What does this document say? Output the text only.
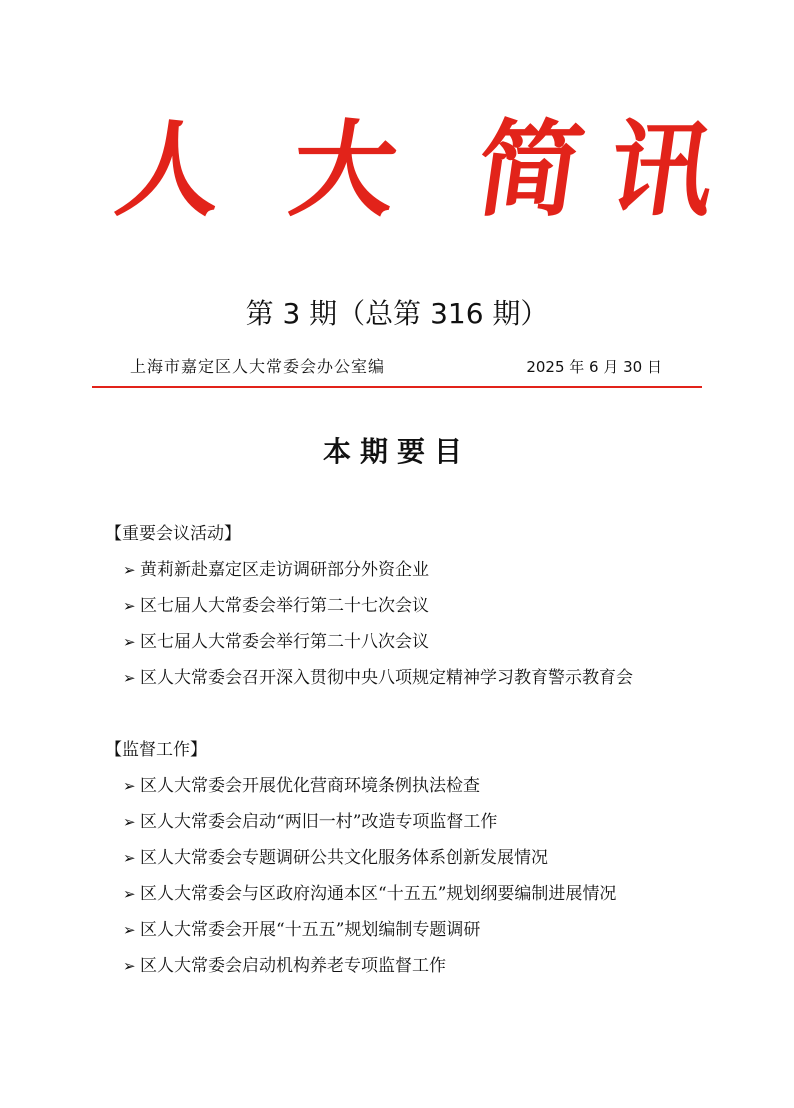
人 大 简 讯
第 3 期（总第 316 期）
上海市嘉定区人大常委会办公室编	2025 年 6 月 30 日
本期要目

【重要会议活动】

➢ 黄莉新赴嘉定区走访调研部分外资企业
➢ 区七届人大常委会举行第二十七次会议
➢ 区七届人大常委会举行第二十八次会议
➢ 区人大常委会召开深入贯彻中央八项规定精神学习教育警示教育会

【监督工作】

➢ 区人大常委会开展优化营商环境条例执法检查
➢ 区人大常委会启动“两旧一村”改造专项监督工作
➢ 区人大常委会专题调研公共文化服务体系创新发展情况
➢ 区人大常委会与区政府沟通本区“十五五”规划纲要编制进展情况
➢ 区人大常委会开展“十五五”规划编制专题调研
➢ 区人大常委会启动机构养老专项监督工作
